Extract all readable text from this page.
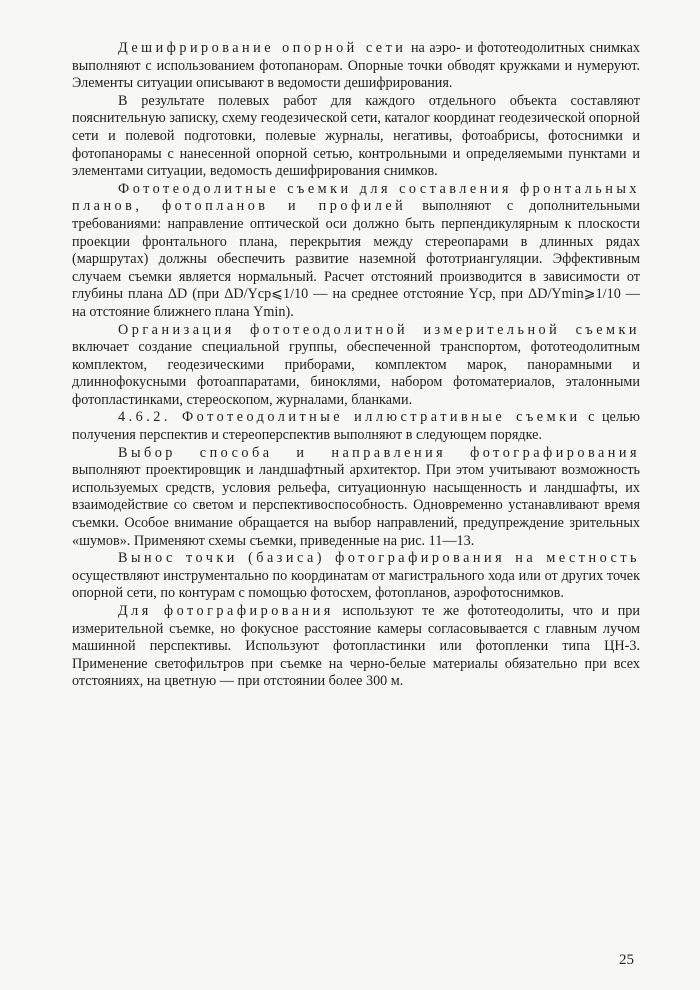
Дешифрирование опорной сети на аэро- и фототеодолитных снимках выполняют с использованием фотопанорам. Опорные точки обводят кружками и нумеруют. Элементы ситуации описывают в ведомости дешифрирования.

В результате полевых работ для каждого отдельного объекта составляют пояснительную записку, схему геодезической сети, каталог координат геодезической опорной сети и полевой подготовки, полевые журналы, негативы, фотоабрисы, фотоснимки и фотопанорамы с нанесенной опорной сетью, контрольными и определяемыми пунктами и элементами ситуации, ведомость дешифрирования снимков.

Фототеодолитные съемки для составления фронтальных планов, фотопланов и профилей выполняют с дополнительными требованиями: направление оптической оси должно быть перпендикулярным к плоскости проекции фронтального плана, перекрытия между стереопарами в длинных рядах (маршрутах) должны обеспечить развитие наземной фототриангуляции. Эффективным случаем съемки является нормальный. Расчет отстояний производится в зависимости от глубины плана ΔD (при ΔD/Yср⩽1/10 — на среднее отстояние Yср, при ΔD/Ymin⩾1/10 — на отстояние ближнего плана Ymin).

Организация фототеодолитной измерительной съемки включает создание специальной группы, обеспеченной транспортом, фототеодолитным комплектом, геодезическими приборами, комплектом марок, панорамными и длиннофокусными фотоаппаратами, биноклями, набором фотоматериалов, эталонными фотопластинками, стереоскопом, журналами, бланками.

4.6.2. Фототеодолитные иллюстративные съемки с целью получения перспектив и стереоперспектив выполняют в следующем порядке.

Выбор способа и направления фотографирования выполняют проектировщик и ландшафтный архитектор. При этом учитывают возможность используемых средств, условия рельефа, ситуационную насыщенность и ландшафты, их взаимодействие со светом и перспективоспособность. Одновременно устанавливают время съемки. Особое внимание обращается на выбор направлений, предупреждение зрительных «шумов». Применяют схемы съемки, приведенные на рис. 11—13.

Вынос точки (базиса) фотографирования на местность осуществляют инструментально по координатам от магистрального хода или от других точек опорной сети, по контурам с помощью фотосхем, фотопланов, аэрофотоснимков.

Для фотографирования используют те же фототеодолиты, что и при измерительной съемке, но фокусное расстояние камеры согласовывается с главным лучом машинной перспективы. Используют фотопластинки или фотопленки типа ЦН-3. Применение светофильтров при съемке на черно-белые материалы обязательно при всех отстояниях, на цветную — при отстоянии более 300 м.

25
